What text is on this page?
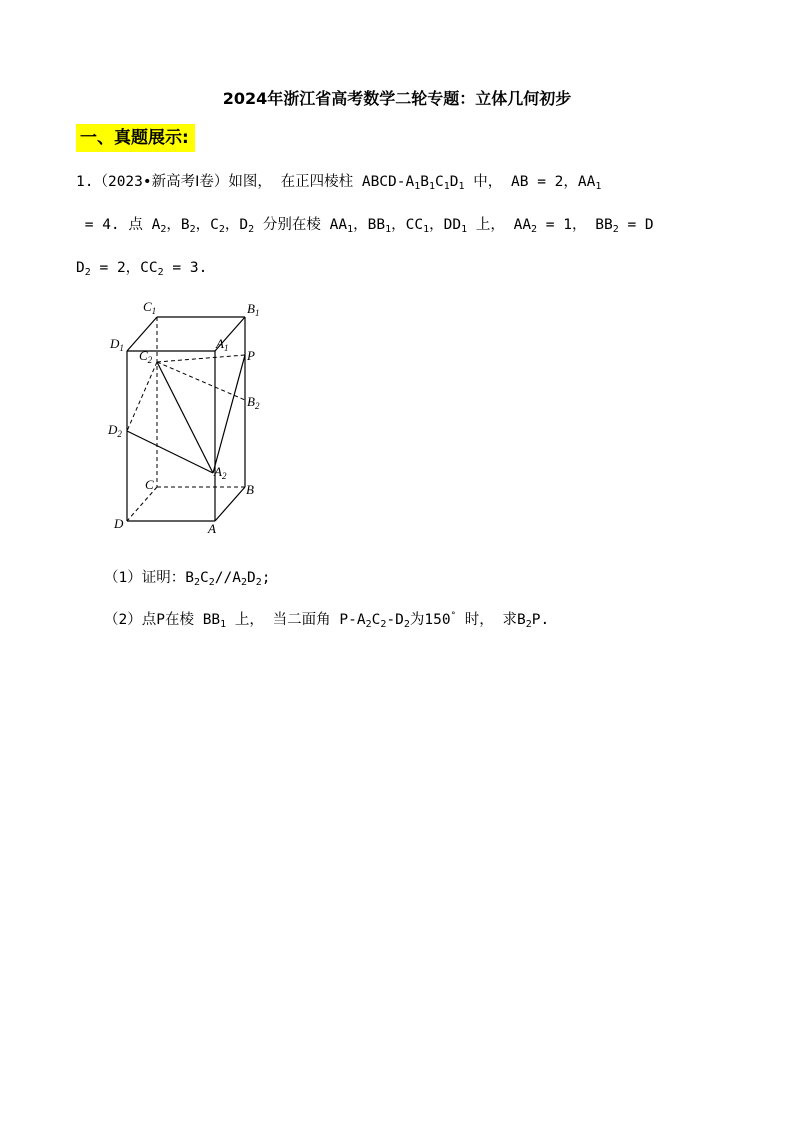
2024年浙江省高考数学二轮专题：立体几何初步
一、真题展示:
1.（2023•新高考Ⅰ卷）如图， 在正四棱柱 ABCD-$A_1B_1C_1D_1$ 中， AB = 2，$AA_1$
= 4. 点 $A_2$，$B_2$，$C_2$，$D_2$ 分别在棱 $AA_1$，$BB_1$，$CC_1$，$DD_1$ 上， $AA_2 = 1$， $BB_2 = D$
$D_2 = 2$，$CC_2 = 3$.
$C_1$	$B_1$
$D_1$	$A_1$
$C_2$	P
$B_2$
$D_2$
$A_2$
C	B
D	A
（1）证明：$B_2C_2//A_2D_2$;
（2）点P在棱 $BB_1$ 上， 当二面角 $P-A_2C_2-D_2$为150° 时， 求$B_2P$.
